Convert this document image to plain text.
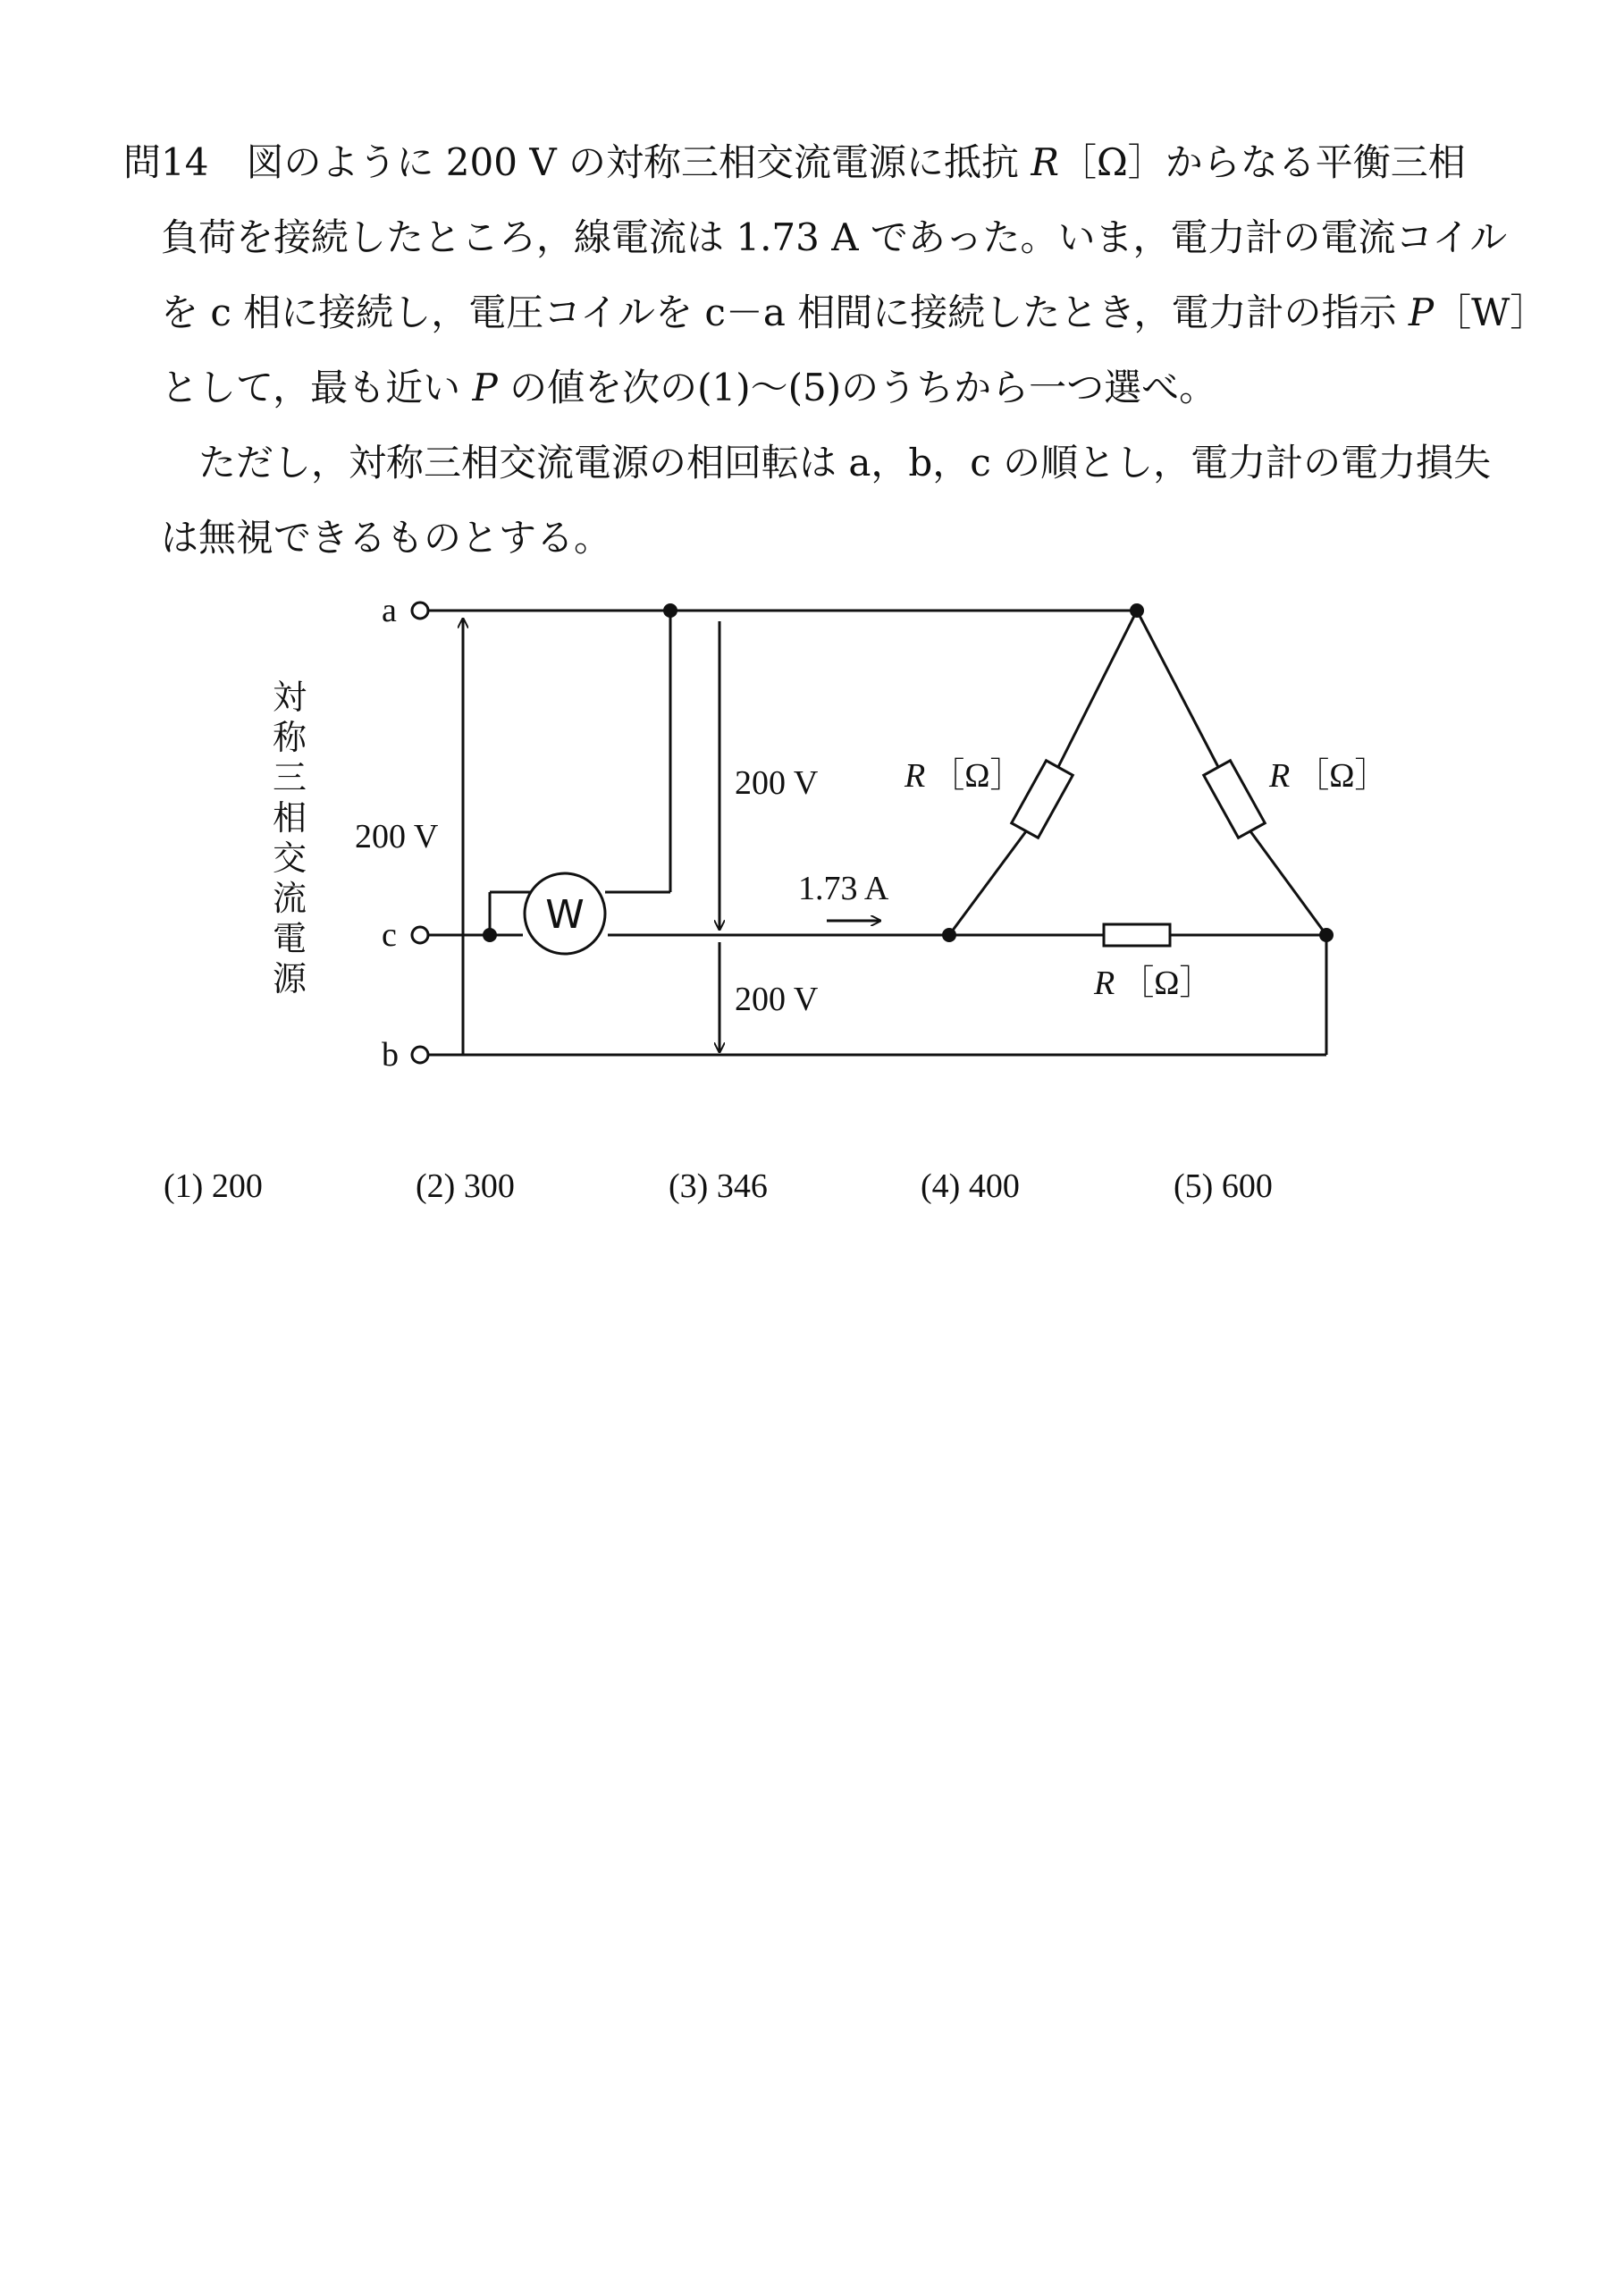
問14 図のように 200 V の対称三相交流電源に抵抗 R［Ω］からなる平衡三相
負荷を接続したところ，線電流は 1.73 A であった。いま，電力計の電流コイル
を c 相に接続し，電圧コイルを c－a 相間に接続したとき，電力計の指示 P［W］
として，最も近い P の値を次の(1)～(5)のうちから一つ選べ。
ただし，対称三相交流電源の相回転は a，b，c の順とし，電力計の電力損失
は無視できるものとする。
W
a
c
b
200 V
200 V
200 V
1.73 A
R ［Ω］	R ［Ω］
R ［Ω］
対
称
三
相
交
流
電
源
(1) 200	(2) 300	(3) 346	(4) 400	(5) 600
